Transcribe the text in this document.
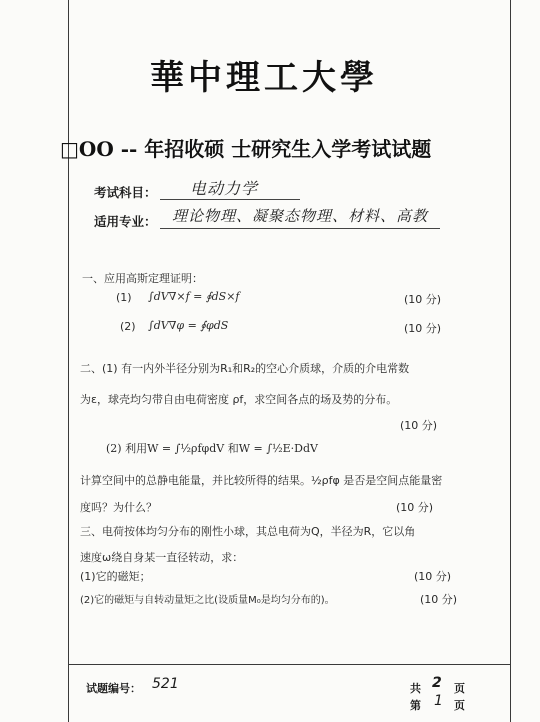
華中理工大學
□OO -- 年招收硕 士研究生入学考试试题
考试科目： 电动力学
适用专业： 理论物理、凝聚态物理、材料、高教
一、应用高斯定理证明：
(1) ∫dV∇×f = ∮dS×f	(10 分)
(2) ∫dV∇φ = ∮φdS	(10 分)
二、(1) 有一内外半径分别为R₁和R₂的空心介质球，介质的介电常数
为ε，球壳均匀带自由电荷密度 ρf，求空间各点的场及势的分布。
(10 分)
(2) 利用W = ∫½ρfφdV 和W = ∫½E·DdV
计算空间中的总静电能量，并比较所得的结果。½ρfφ 是否是空间点能量密
度吗？为什么？	(10 分)
三、电荷按体均匀分布的刚性小球，其总电荷为Q，半径为R，它以角
速度ω绕自身某一直径转动，求：
(1)它的磁矩；	(10 分)
(2)它的磁矩与自转动量矩之比(设质量M₀是均匀分布的)。	(10 分)
试题编号： 521	共 2 页
第 1 页
